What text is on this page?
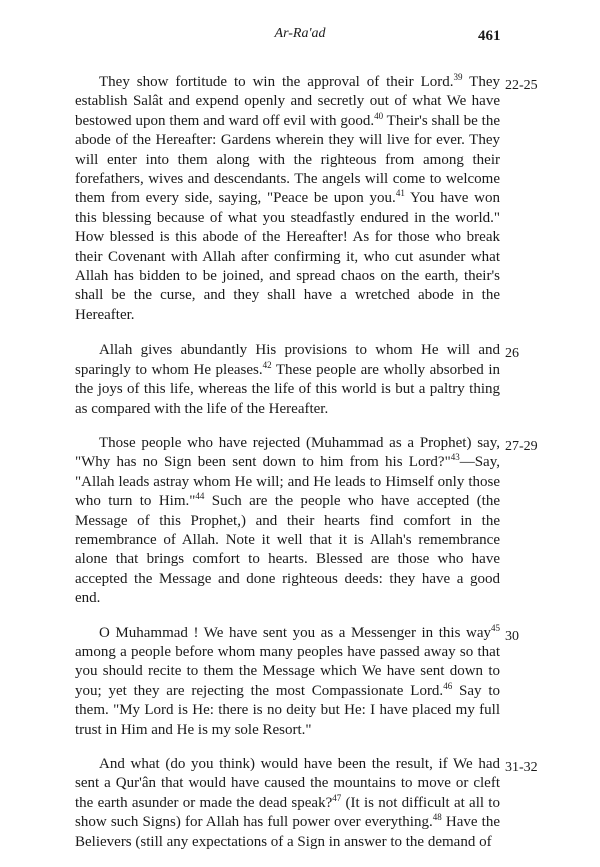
Ar-Ra'ad	461

22-25
They show fortitude to win the approval of their Lord.$^{39}$ They establish Salât and expend openly and secretly out of what We have bestowed upon them and ward off evil with good.$^{40}$ Their's shall be the abode of the Hereafter: Gardens wherein they will live for ever. They will enter into them along with the righteous from among their forefathers, wives and descendants. The angels will come to welcome them from every side, saying, "Peace be upon you.$^{41}$ You have won this blessing because of what you steadfastly endured in the world." How blessed is this abode of the Hereafter! As for those who break their Covenant with Allah after confirming it, who cut asunder what Allah has bidden to be joined, and spread chaos on the earth, their's shall be the curse, and they shall have a wretched abode in the Hereafter.

26
Allah gives abundantly His provisions to whom He will and sparingly to whom He pleases.$^{42}$ These people are wholly absorbed in the joys of this life, whereas the life of this world is but a paltry thing as compared with the life of the Hereafter.

27-29
Those people who have rejected (Muhammad as a Prophet) say, "Why has no Sign been sent down to him from his Lord?"$^{43}$—Say, "Allah leads astray whom He will; and He leads to Himself only those who turn to Him."$^{44}$ Such are the people who have accepted (the Message of this Prophet,) and their hearts find comfort in the remembrance of Allah. Note it well that it is Allah's remembrance alone that brings comfort to hearts. Blessed are those who have accepted the Message and done righteous deeds: they have a good end.

30
O Muhammad ! We have sent you as a Messenger in this way$^{45}$ among a people before whom many peoples have passed away so that you should recite to them the Message which We have sent down to you; yet they are rejecting the most Compassionate Lord.$^{46}$ Say to them. "My Lord is He: there is no deity but He: I have placed my full trust in Him and He is my sole Resort."

31-32
And what (do you think) would have been the result, if We had sent a Qur'ân that would have caused the mountains to move or cleft the earth asunder or made the dead speak?$^{47}$ (It is not difficult at all to show such Signs) for Allah has full power over everything.$^{48}$ Have the Believers (still any expectations of a Sign in answer to the demand of
